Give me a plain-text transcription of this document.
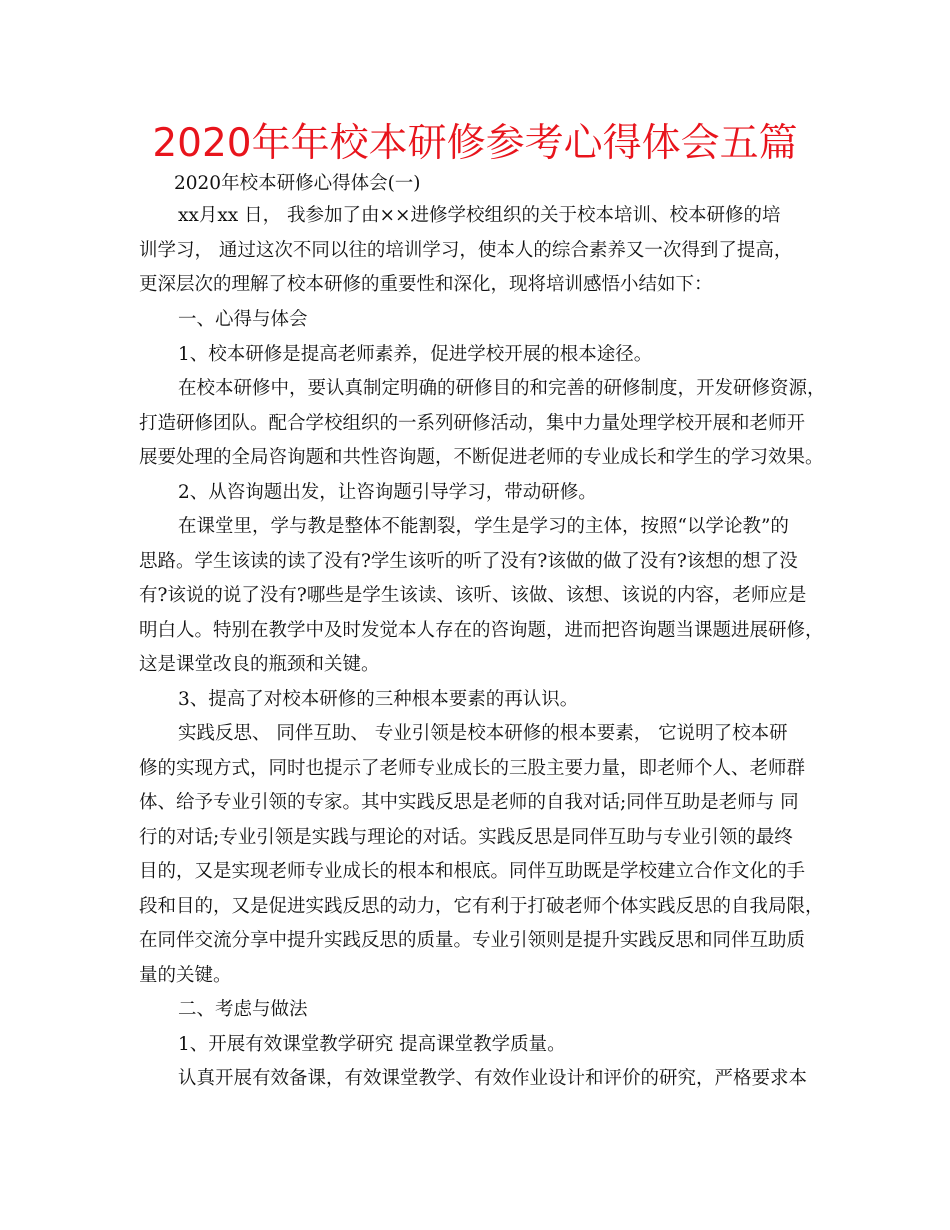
2020年年校本研修参考心得体会五篇

2020年校本研修心得体会(一)

xx月xx 日， 我参加了由××进修学校组织的关于校本培训、校本研修的培

训学习， 通过这次不同以往的培训学习，使本人的综合素养又一次得到了提高，

更深层次的理解了校本研修的重要性和深化，现将培训感悟小结如下：

一、心得与体会

1、校本研修是提高老师素养，促进学校开展的根本途径。

在校本研修中，要认真制定明确的研修目的和完善的研修制度，开发研修资源，

打造研修团队。配合学校组织的一系列研修活动，集中力量处理学校开展和老师开

展要处理的全局咨询题和共性咨询题，不断促进老师的专业成长和学生的学习效果。

2、从咨询题出发，让咨询题引导学习，带动研修。

在课堂里，学与教是整体不能割裂，学生是学习的主体，按照“以学论教”的

思路。学生该读的读了没有?学生该听的听了没有?该做的做了没有?该想的想了没

有?该说的说了没有?哪些是学生该读、该听、该做、该想、该说的内容，老师应是

明白人。特别在教学中及时发觉本人存在的咨询题，进而把咨询题当课题进展研修，

这是课堂改良的瓶颈和关键。

3、提高了对校本研修的三种根本要素的再认识。

实践反思、 同伴互助、 专业引领是校本研修的根本要素， 它说明了校本研

修的实现方式，同时也提示了老师专业成长的三股主要力量，即老师个人、老师群

体、给予专业引领的专家。其中实践反思是老师的自我对话;同伴互助是老师与 同

行的对话;专业引领是实践与理论的对话。实践反思是同伴互助与专业引领的最终

目的，又是实现老师专业成长的根本和根底。同伴互助既是学校建立合作文化的手

段和目的，又是促进实践反思的动力，它有利于打破老师个体实践反思的自我局限，

在同伴交流分享中提升实践反思的质量。专业引领则是提升实践反思和同伴互助质

量的关键。

二、考虑与做法

1、开展有效课堂教学研究 提高课堂教学质量。

认真开展有效备课，有效课堂教学、有效作业设计和评价的研究，严格要求本
